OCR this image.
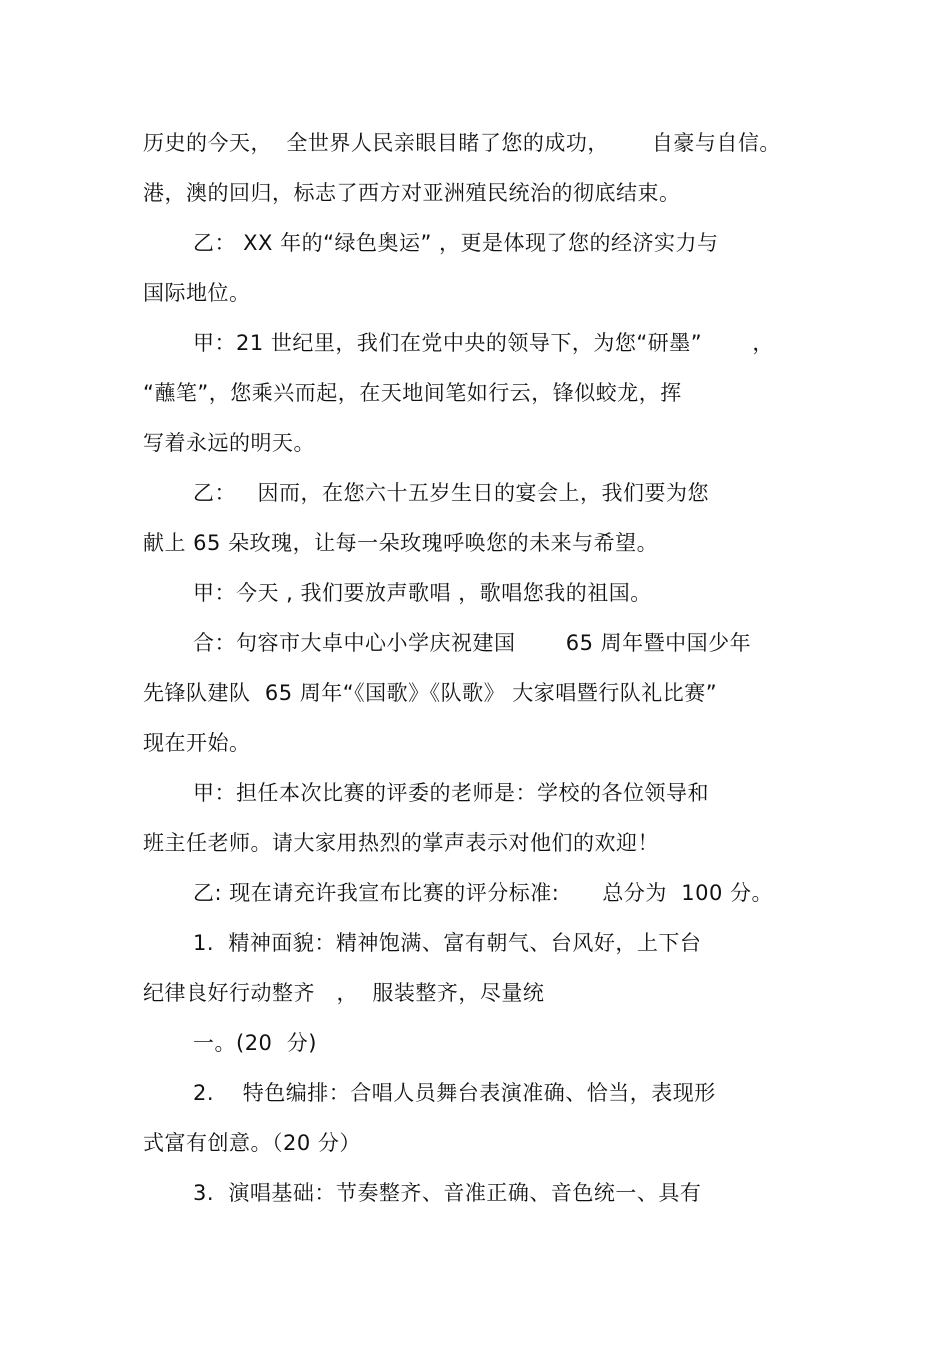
历史的今天，  全世界人民亲眼目睹了您的成功，      自豪与自信。
港，澳的回归，标志了西方对亚洲殖民统治的彻底结束。
乙： XX 年的“绿色奥运” ，更是体现了您的经济实力与
国际地位。
甲：21 世纪里，我们在党中央的领导下，为您“研墨”       ，
“蘸笔”，您乘兴而起，在天地间笔如行云，锋似蛟龙，挥
写着永远的明天。
乙：   因而，在您六十五岁生日的宴会上，我们要为您
献上 65 朵玫瑰，让每一朵玫瑰呼唤您的未来与希望。
甲：今天 , 我们要放声歌唱 ，歌唱您我的祖国。
合：句容市大卓中心小学庆祝建国       65 周年暨中国少年
先锋队建队  65 周年“《国歌》《队歌》 大家唱暨行队礼比赛”
现在开始。
甲：担任本次比赛的评委的老师是：学校的各位领导和
班主任老师。请大家用热烈的掌声表示对他们的欢迎！
乙: 现在请充许我宣布比赛的评分标准:      总分为  100 分。
1.  精神面貌：精神饱满、富有朝气、台风好，上下台
纪律良好行动整齐   ，  服装整齐，尽量统
一。(20  分)
2.    特色编排：合唱人员舞台表演准确、恰当，表现形
式富有创意。（20 分）
3.  演唱基础：节奏整齐、音准正确、音色统一、具有
